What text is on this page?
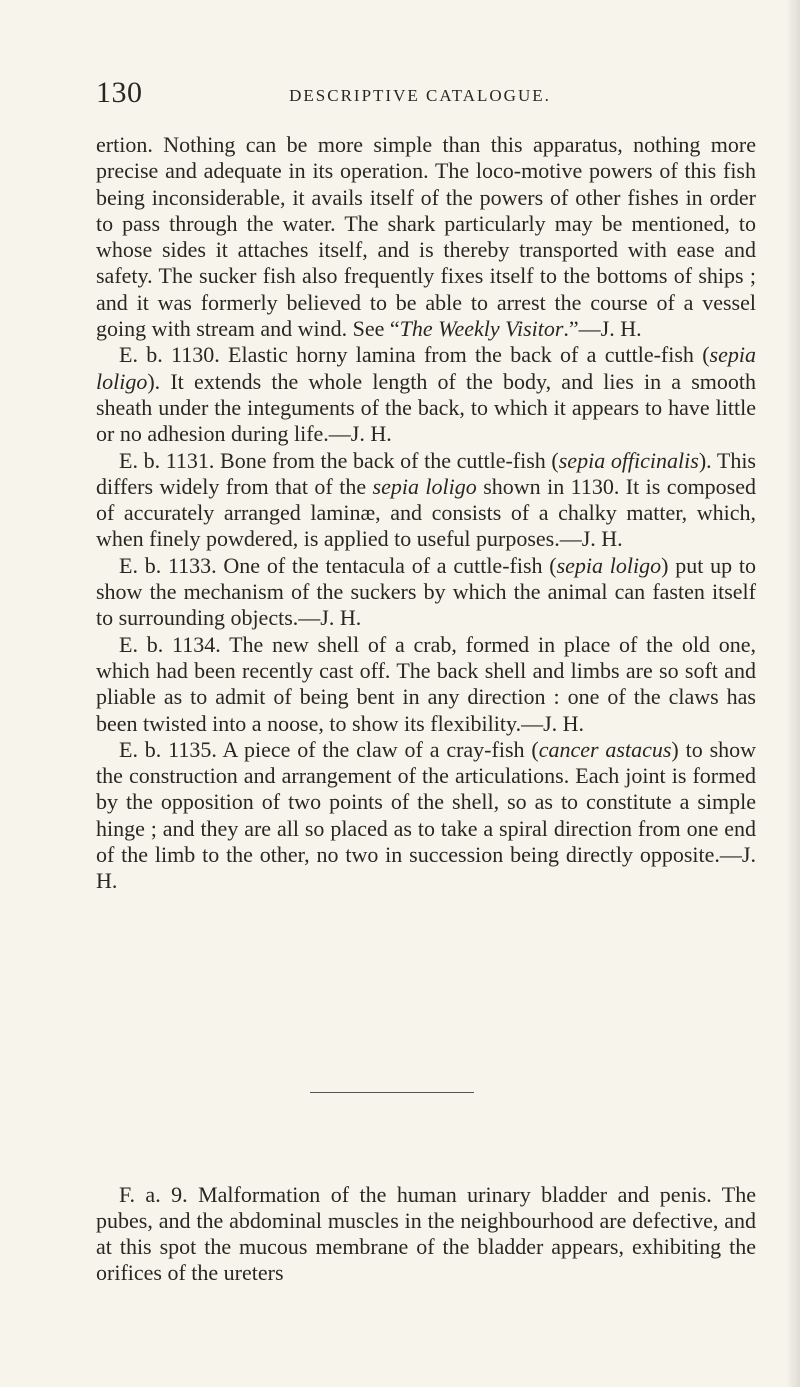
130	DESCRIPTIVE CATALOGUE.

ertion. Nothing can be more simple than this apparatus, nothing more precise and adequate in its operation. The loco-motive powers of this fish being inconsiderable, it avails itself of the powers of other fishes in order to pass through the water. The shark particularly may be mentioned, to whose sides it attaches itself, and is thereby transported with ease and safety. The sucker fish also frequently fixes itself to the bottoms of ships ; and it was formerly believed to be able to arrest the course of a vessel going with stream and wind. See “The Weekly Visitor.”—J. H.

E. b. 1130. Elastic horny lamina from the back of a cuttle-fish (sepia loligo). It extends the whole length of the body, and lies in a smooth sheath under the integuments of the back, to which it appears to have little or no adhesion during life.—J. H.

E. b. 1131. Bone from the back of the cuttle-fish (sepia officinalis). This differs widely from that of the sepia loligo shown in 1130. It is composed of accurately arranged laminæ, and consists of a chalky matter, which, when finely powdered, is applied to useful purposes.—J. H.

E. b. 1133. One of the tentacula of a cuttle-fish (sepia loligo) put up to show the mechanism of the suckers by which the animal can fasten itself to surrounding objects.—J. H.

E. b. 1134. The new shell of a crab, formed in place of the old one, which had been recently cast off. The back shell and limbs are so soft and pliable as to admit of being bent in any direction : one of the claws has been twisted into a noose, to show its flexibility.—J. H.

E. b. 1135. A piece of the claw of a cray-fish (cancer astacus) to show the construction and arrangement of the articulations. Each joint is formed by the opposition of two points of the shell, so as to constitute a simple hinge ; and they are all so placed as to take a spiral direction from one end of the limb to the other, no two in succession being directly opposite.—J. H.

F. a. 9. Malformation of the human urinary bladder and penis. The pubes, and the abdominal muscles in the neighbourhood are defective, and at this spot the mucous membrane of the bladder appears, exhibiting the orifices of the ureters
